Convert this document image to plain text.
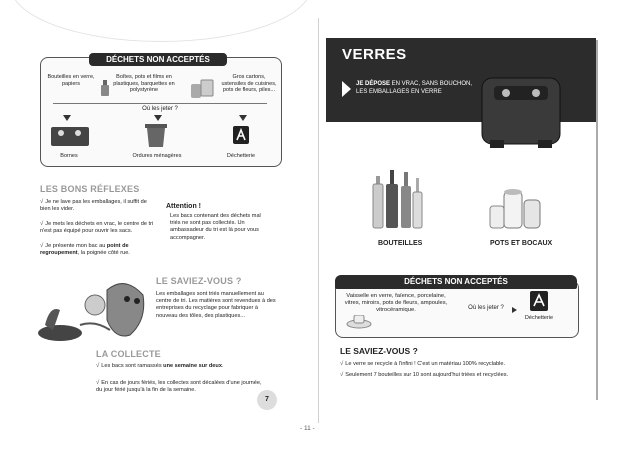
DÉCHETS NON ACCEPTÉS
Bouteilles en verre, papiers
Boîtes, pots et films en plastiques, barquettes en polystyrène
Gros cartons, ustensiles de cuisines, pots de fleurs, piles...
Où les jeter ?
Bornes	Ordures ménagères	Déchetterie
LES BONS RÉFLEXES
√ Je ne lave pas les emballages, il suffit de bien les vider.
√ Je mets les déchets en vrac, le centre de tri n'est pas équipé pour ouvrir les sacs.
√ Je présente mon bac au point de regroupement, la poignée côté rue.
Attention !
Les bacs contenant des déchets mal triés ne sont pas collectés. Un ambassadeur du tri est là pour vous accompagner.
LE SAVIEZ-VOUS ?
Les emballages sont triés manuellement au centre de tri. Les matières sont revendues à des entreprises du recyclage pour fabriquer à nouveau des tôles, des plastiques...
LA COLLECTE
√ Les bacs sont ramassés une semaine sur deux.
√ En cas de jours fériés, les collectes sont décalées d'une journée, du jour férié jusqu'à la fin de la semaine.
7
VERRES
JE DÉPOSE EN VRAC, SANS BOUCHON, LES EMBALLAGES EN VERRE
BOUTEILLES	POTS ET BOCAUX
DÉCHETS NON ACCEPTÉS
Vaisselle en verre, faïence, porcelaine, vitres, miroirs, pots de fleurs, ampoules, vitrocéramique.	Où les jeter ?
Déchetterie
LE SAVIEZ-VOUS ?
√ Le verre se recycle à l'infini ! C'est un matériau 100% recyclable.
√ Seulement 7 bouteilles sur 10 sont aujourd'hui triées et recyclées.
- 11 -
